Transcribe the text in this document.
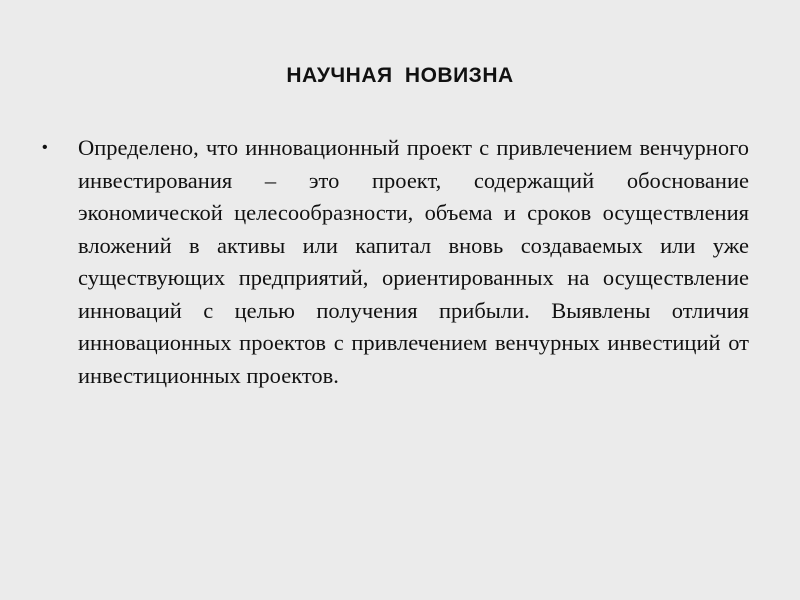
НАУЧНАЯ НОВИЗНА
• Определено, что инновационный проект с привлечением венчурного инвестирования – это проект, содержащий обоснование экономической целесообразности, объема и сроков осуществления вложений в активы или капитал вновь создаваемых или уже существующих предприятий, ориентированных на осуществление инноваций с целью получения прибыли. Выявлены отличия инновационных проектов с привлечением венчурных инвестиций от инвестиционных проектов.
